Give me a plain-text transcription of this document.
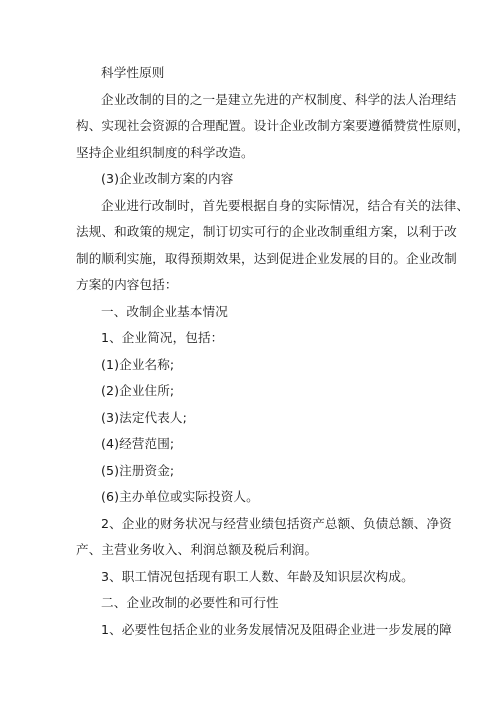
科学性原则
企业改制的目的之一是建立先进的产权制度、科学的法人治理结
构、实现社会资源的合理配置。设计企业改制方案要遵循赞赏性原则，
坚持企业组织制度的科学改造。
(3)企业改制方案的内容
企业进行改制时，首先要根据自身的实际情况，结合有关的法律、
法规、和政策的规定，制订切实可行的企业改制重组方案，以利于改
制的顺利实施，取得预期效果，达到促进企业发展的目的。企业改制
方案的内容包括：
一、改制企业基本情况
1、企业简况，包括：
(1)企业名称;
(2)企业住所;
(3)法定代表人;
(4)经营范围;
(5)注册资金;
(6)主办单位或实际投资人。
2、企业的财务状况与经营业绩包括资产总额、负债总额、净资
产、主营业务收入、利润总额及税后利润。
3、职工情况包括现有职工人数、年龄及知识层次构成。
二、企业改制的必要性和可行性
1、必要性包括企业的业务发展情况及阻碍企业进一步发展的障
